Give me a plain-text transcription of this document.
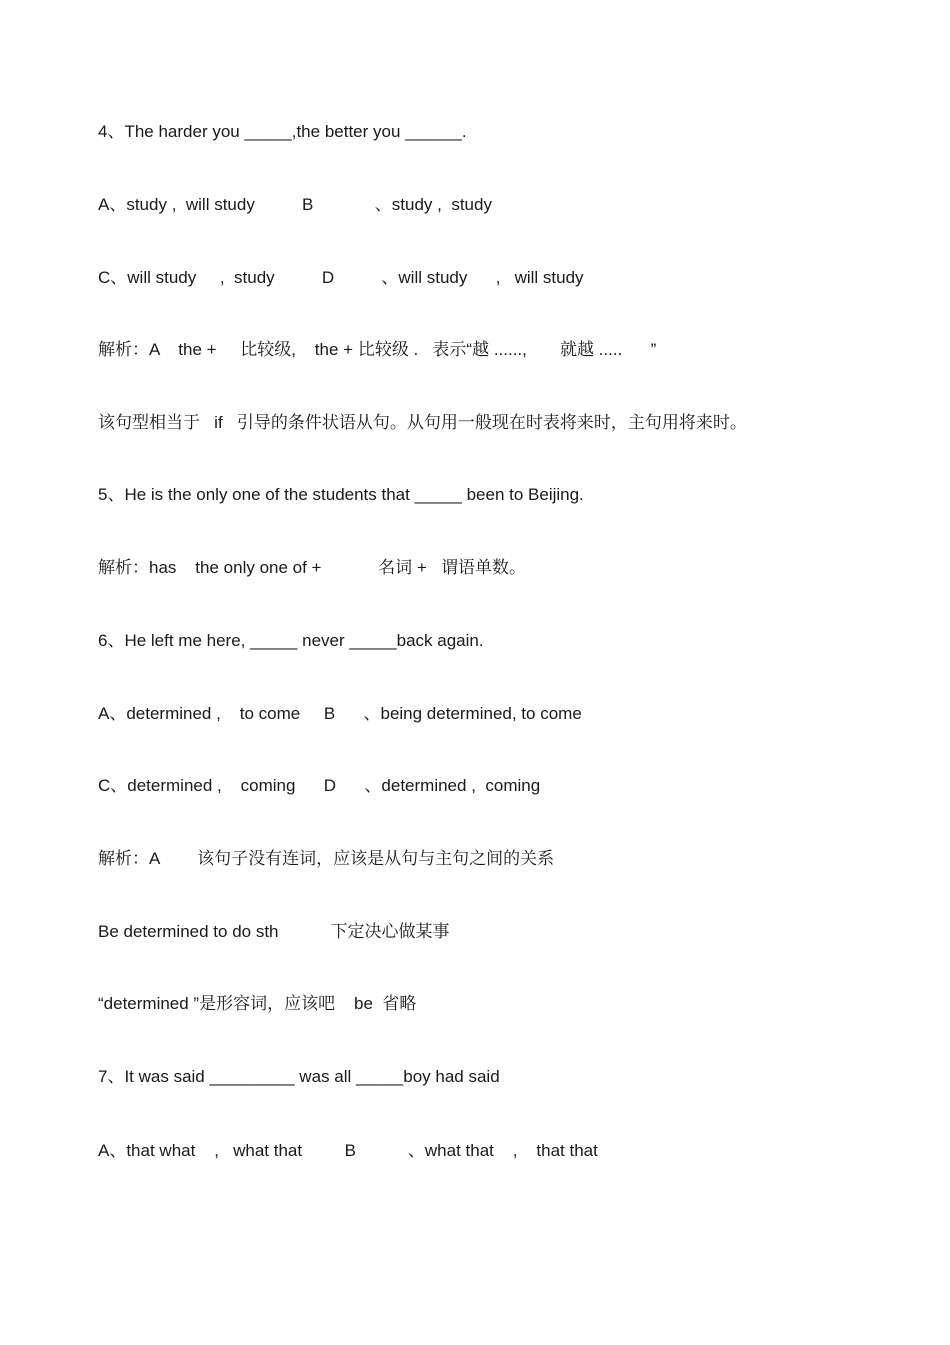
4、The harder you _____,the better you ______.

A、study ,  will study          B             、study ,  study

C、will study     ,  study          D          、will study      ,   will study

解析：A    the +     比较级,    the + 比较级 .   表示“越 ......,       就越 .....      ”

该句型相当于   if   引导的条件状语从句。从句用一般现在时表将来时，主句用将来时。

5、He is the only one of the students that _____ been to Beijing.

解析：has    the only one of +            名词 +   谓语单数。

6、He left me here, _____ never _____back again.

A、determined ,    to come     B      、being determined, to come

C、determined ,    coming      D      、determined ,  coming

解析：A        该句子没有连词，应该是从句与主句之间的关系

Be determined to do sth           下定决心做某事

“determined ”是形容词，应该吧    be  省略

7、It was said _________ was all _____boy had said

A、that what    ,   what that         B           、what that    ,    that that
